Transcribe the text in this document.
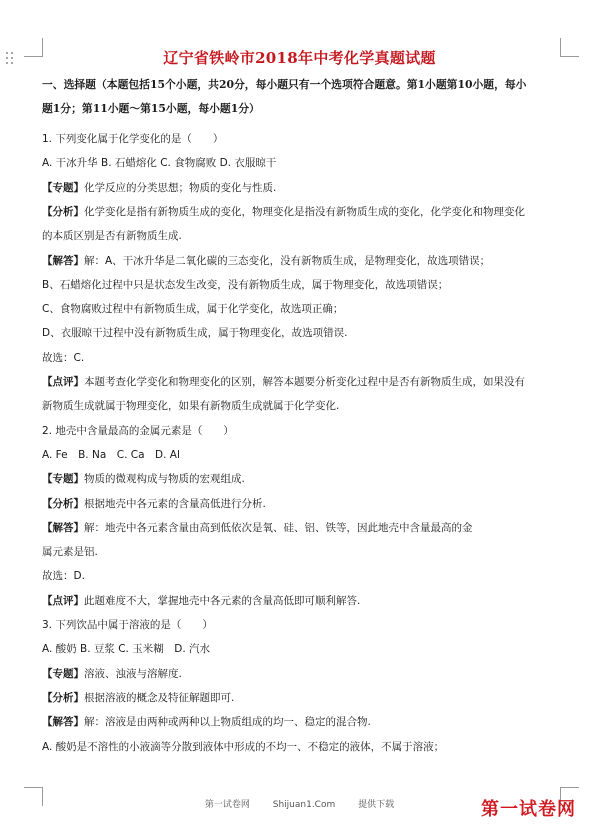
辽宁省铁岭市2018年中考化学真题试题
一、选择题（本题包括15个小题，共20分，每小题只有一个选项符合题意。第1小题第10小题，每小
题1分；第11小题～第15小题，每小题1分）
1. 下列变化属于化学变化的是（　　）
A. 干冰升华 B. 石蜡熔化 C. 食物腐败 D. 衣服晾干
【专题】化学反应的分类思想；物质的变化与性质.
【分析】化学变化是指有新物质生成的变化，物理变化是指没有新物质生成的变化，化学变化和物理变化
的本质区别是否有新物质生成.
【解答】解：A、干冰升华是二氧化碳的三态变化，没有新物质生成，是物理变化，故选项错误；
B、石蜡熔化过程中只是状态发生改变，没有新物质生成，属于物理变化，故选项错误；
C、食物腐败过程中有新物质生成，属于化学变化，故选项正确；
D、衣服晾干过程中没有新物质生成，属于物理变化，故选项错误.
故选：C.
【点评】本题考查化学变化和物理变化的区别，解答本题要分析变化过程中是否有新物质生成，如果没有
新物质生成就属于物理变化，如果有新物质生成就属于化学变化.
2. 地壳中含量最高的金属元素是（　　）
A. Fe　B. Na　C. Ca　D. Al
【专题】物质的微观构成与物质的宏观组成.
【分析】根据地壳中各元素的含量高低进行分析.
【解答】解：地壳中各元素含量由高到低依次是氧、硅、铝、铁等，因此地壳中含量最高的金
属元素是铝.
故选：D.
【点评】此题难度不大，掌握地壳中各元素的含量高低即可顺利解答.
3. 下列饮品中属于溶液的是（　　）
A. 酸奶 B. 豆浆 C. 玉米糊　D. 汽水
【专题】溶液、浊液与溶解度.
【分析】根据溶液的概念及特征解题即可.
【解答】解：溶液是由两种或两种以上物质组成的均一、稳定的混合物.
A. 酸奶是不溶性的小液滴等分散到液体中形成的不均一、不稳定的液体，不属于溶液；
第一试卷网	Shijuan1.Com	提供下载	第一试卷网
